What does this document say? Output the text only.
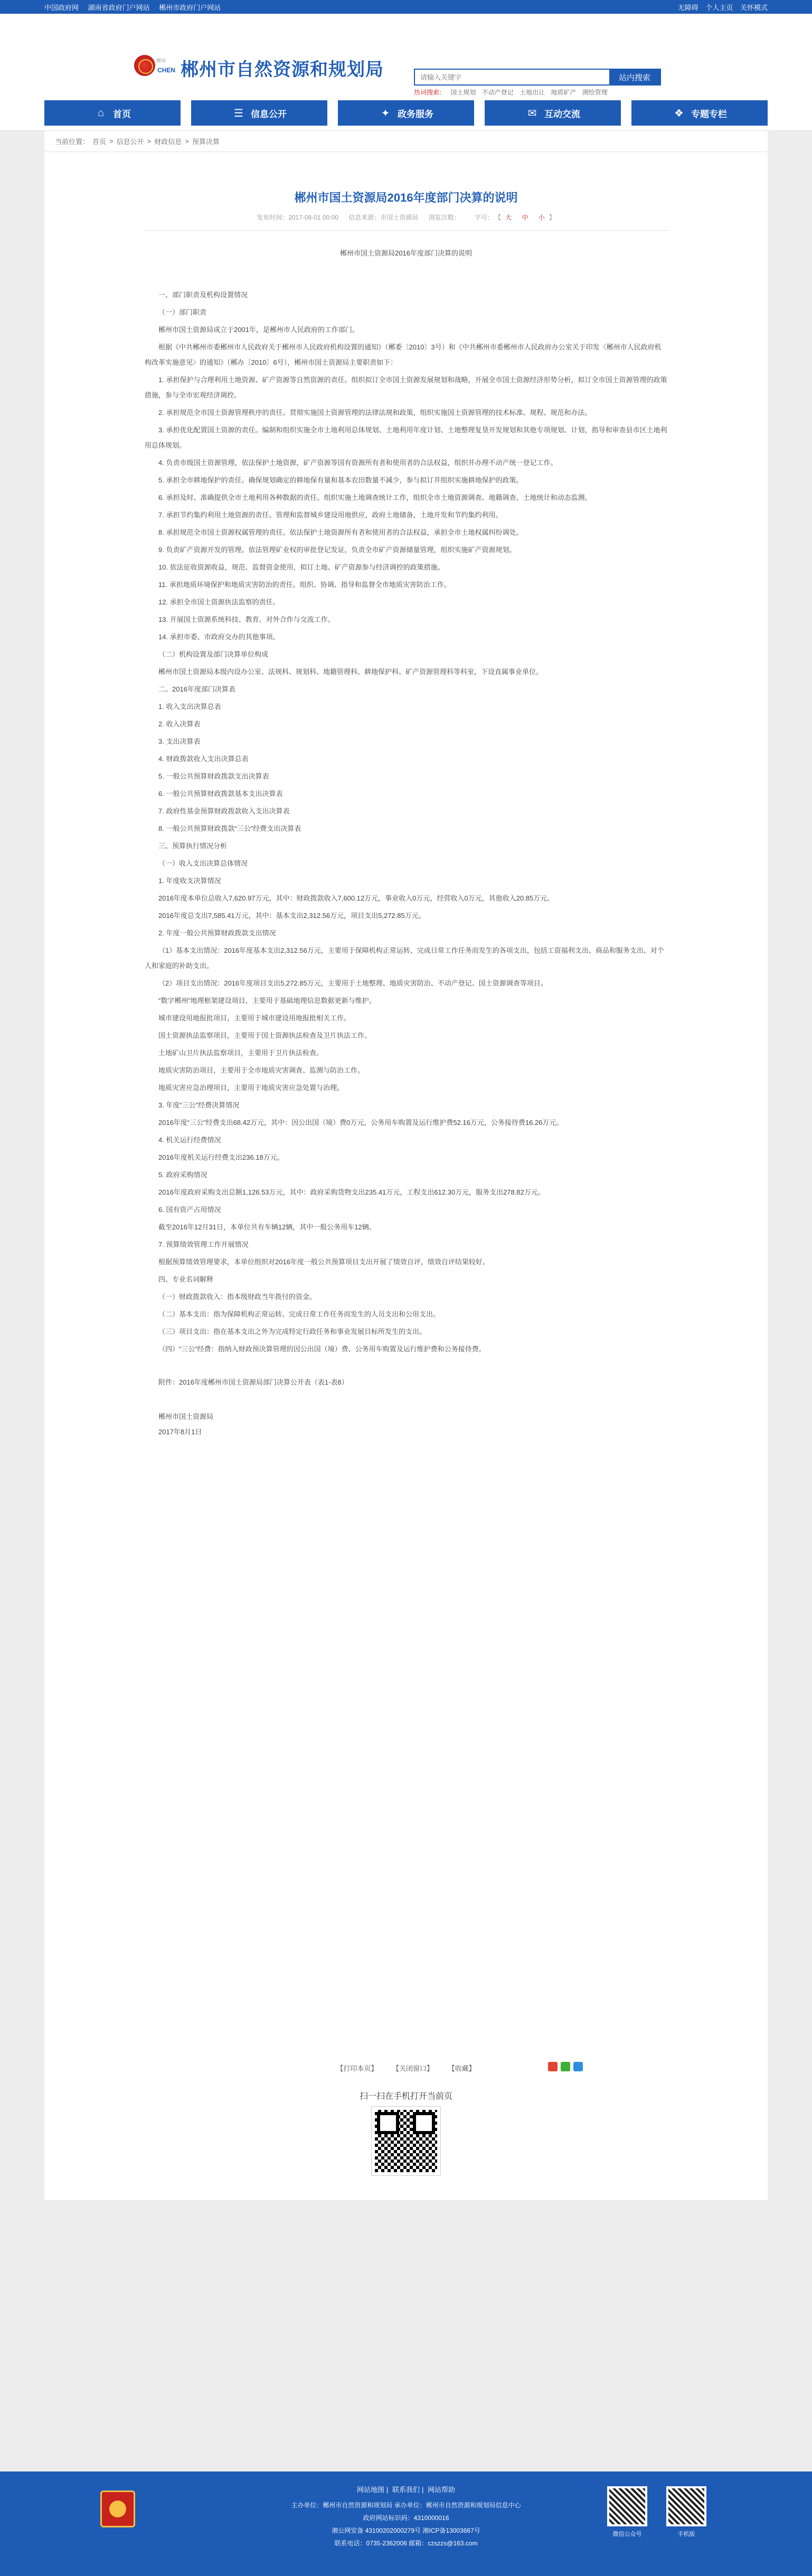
中国政府网 湖南省政府门户网站 郴州市政府门户网站	无障碍 个人主页 关怀模式
郴州
CHEN 郴州市自然资源和规划局
请输入关键字	站内搜索
热词搜索： 国土规划 不动产登记 土地出让 地质矿产 测绘管理
⌂ 首页	☰ 信息公开	✦ 政务服务	✉ 互动交流	❖ 专题专栏
当前位置： 首页 > 信息公开 > 财政信息 > 预算决算
郴州市国土资源局2016年度部门决算的说明
发布时间：2017-08-01 00:00 信息来源：市国土资源局 浏览次数： 字号： 【 大 中 小 】

郴州市国土资源局2016年度部门决算的说明

一、部门职责及机构设置情况

（一）部门职责

郴州市国土资源局成立于2001年，是郴州市人民政府的工作部门。

根据《中共郴州市委郴州市人民政府关于郴州市人民政府机构设置的通知》（郴委〔2010〕3号）和《中共郴州市委郴州市人民政府办公室关于印发〈郴州市人民政府机构改革实施意见〉的通知》（郴办〔2010〕6号），郴州市国土资源局主要职责如下：

1. 承担保护与合理利用土地资源、矿产资源等自然资源的责任。组织拟订全市国土资源发展规划和战略，开展全市国土资源经济形势分析，拟订全市国土资源管理的政策措施，参与全市宏观经济调控。

2. 承担规范全市国土资源管理秩序的责任。贯彻实施国土资源管理的法律法规和政策，组织实施国土资源管理的技术标准、规程、规范和办法。

3. 承担优化配置国土资源的责任。编制和组织实施全市土地利用总体规划、土地利用年度计划、土地整理复垦开发规划和其他专项规划、计划，指导和审查县市区土地利用总体规划。

4. 负责市级国土资源管理，依法保护土地资源，矿产资源等国有资源所有者和使用者的合法权益，组织并办理不动产统一登记工作。

5. 承担全市耕地保护的责任。确保规划确定的耕地保有量和基本农田数量不减少，参与拟订并组织实施耕地保护的政策。

6. 承担及时、准确提供全市土地利用各种数据的责任。组织实施土地调查统计工作，组织全市土地资源调查、地籍调查、土地统计和动态监测。

7. 承担节约集约利用土地资源的责任。管理和监督城乡建设用地供应，政府土地储备，土地开发和节约集约利用。

8. 承担规范全市国土资源权属管理的责任。依法保护土地资源所有者和使用者的合法权益，承担全市土地权属纠纷调处。

9. 负责矿产资源开发的管理。依法管理矿业权的审批登记发证，负责全市矿产资源储量管理，组织实施矿产资源规划。

10. 依法征收资源收益，规范、监督资金使用，拟订土地、矿产资源参与经济调控的政策措施。

11. 承担地质环境保护和地质灾害防治的责任。组织、协调、指导和监督全市地质灾害防治工作。

12. 承担全市国土资源执法监察的责任。

13. 开展国土资源系统科技、教育、对外合作与交流工作。

14. 承担市委、市政府交办的其他事项。

（二）机构设置及部门决算单位构成

郴州市国土资源局本级内设办公室、法规科、规划科、地籍管理科、耕地保护科、矿产资源管理科等科室，下设直属事业单位。

二、2016年度部门决算表

1. 收入支出决算总表

2. 收入决算表

3. 支出决算表

4. 财政拨款收入支出决算总表

5. 一般公共预算财政拨款支出决算表

6. 一般公共预算财政拨款基本支出决算表

7. 政府性基金预算财政拨款收入支出决算表

8. 一般公共预算财政拨款“三公”经费支出决算表

三、预算执行情况分析

（一）收入支出决算总体情况

1. 年度收支决算情况

2016年度本单位总收入7,620.97万元，其中：财政拨款收入7,600.12万元，事业收入0万元，经营收入0万元，其他收入20.85万元。

2016年度总支出7,585.41万元，其中：基本支出2,312.56万元，项目支出5,272.85万元。

2. 年度一般公共预算财政拨款支出情况

（1）基本支出情况：2016年度基本支出2,312.56万元，主要用于保障机构正常运转、完成日常工作任务而发生的各项支出，包括工资福利支出、商品和服务支出、对个人和家庭的补助支出。

（2）项目支出情况：2016年度项目支出5,272.85万元，主要用于土地整理、地质灾害防治、不动产登记、国土资源调查等项目。

“数字郴州”地理框架建设项目，主要用于基础地理信息数据更新与维护。

城市建设用地报批项目，主要用于城市建设用地报批相关工作。

国土资源执法监察项目，主要用于国土资源执法检查及卫片执法工作。

土地矿山卫片执法监察项目，主要用于卫片执法检查。

地质灾害防治项目，主要用于全市地质灾害调查、监测与防治工作。

地质灾害应急治理项目，主要用于地质灾害应急处置与治理。

3. 年度“三公”经费决算情况

2016年度“三公”经费支出68.42万元，其中：因公出国（境）费0万元，公务用车购置及运行维护费52.16万元，公务接待费16.26万元。

4. 机关运行经费情况

2016年度机关运行经费支出236.18万元。

5. 政府采购情况

2016年度政府采购支出总额1,126.53万元，其中：政府采购货物支出235.41万元，工程支出612.30万元，服务支出278.82万元。

6. 国有资产占用情况

截至2016年12月31日，本单位共有车辆12辆，其中一般公务用车12辆。

7. 预算绩效管理工作开展情况

根据预算绩效管理要求，本单位组织对2016年度一般公共预算项目支出开展了绩效自评，绩效自评结果较好。

四、专业名词解释

（一）财政拨款收入：指本级财政当年拨付的资金。

（二）基本支出：指为保障机构正常运转、完成日常工作任务而发生的人员支出和公用支出。

（三）项目支出：指在基本支出之外为完成特定行政任务和事业发展目标所发生的支出。

（四）“三公”经费：指纳入财政预决算管理的因公出国（境）费、公务用车购置及运行维护费和公务接待费。

附件：2016年度郴州市国土资源局部门决算公开表（表1-表8）

郴州市国土资源局

2017年8月1日

【打印本页】 【关闭窗口】 【收藏】
扫一扫在手机打开当前页
网站地图 | 联系我们 | 网站帮助
主办单位：郴州市自然资源和规划局 承办单位：郴州市自然资源和规划局信息中心
政府网站标识码：4310000016
湘公网安备 43100202000279号 湘ICP备13003667号
联系电话：0735-2362006 邮箱：czszzs@163.com
微信公众号	手机版
